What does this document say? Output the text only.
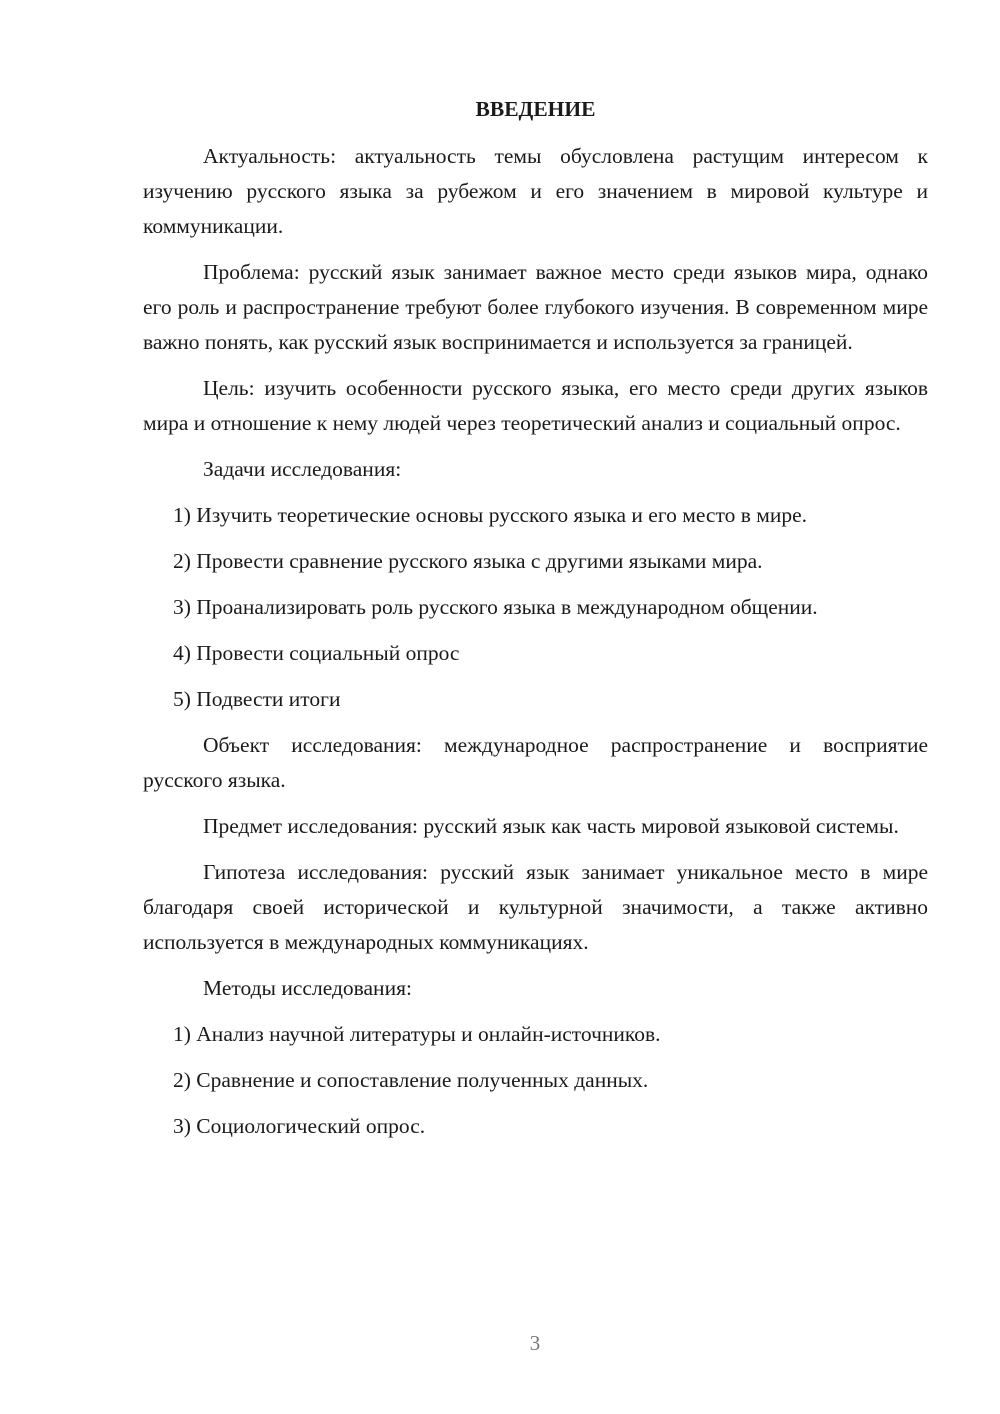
ВВЕДЕНИЕ

Актуальность: актуальность темы обусловлена растущим интересом к изучению русского языка за рубежом и его значением в мировой культуре и коммуникации.

Проблема: русский язык занимает важное место среди языков мира, однако его роль и распространение требуют более глубокого изучения. В современном мире важно понять, как русский язык воспринимается и используется за границей.

Цель: изучить особенности русского языка, его место среди других языков мира и отношение к нему людей через теоретический анализ и социальный опрос.

Задачи исследования:

1) Изучить теоретические основы русского языка и его место в мире.

2) Провести сравнение русского языка с другими языками мира.

3) Проанализировать роль русского языка в международном общении.

4) Провести социальный опрос

5) Подвести итоги

Объект исследования: международное распространение и восприятие русского языка.

Предмет исследования: русский язык как часть мировой языковой системы.

Гипотеза исследования: русский язык занимает уникальное место в мире благодаря своей исторической и культурной значимости, а также активно используется в международных коммуникациях.

Методы исследования:

1) Анализ научной литературы и онлайн-источников.

2) Сравнение и сопоставление полученных данных.

3) Социологический опрос.

3
